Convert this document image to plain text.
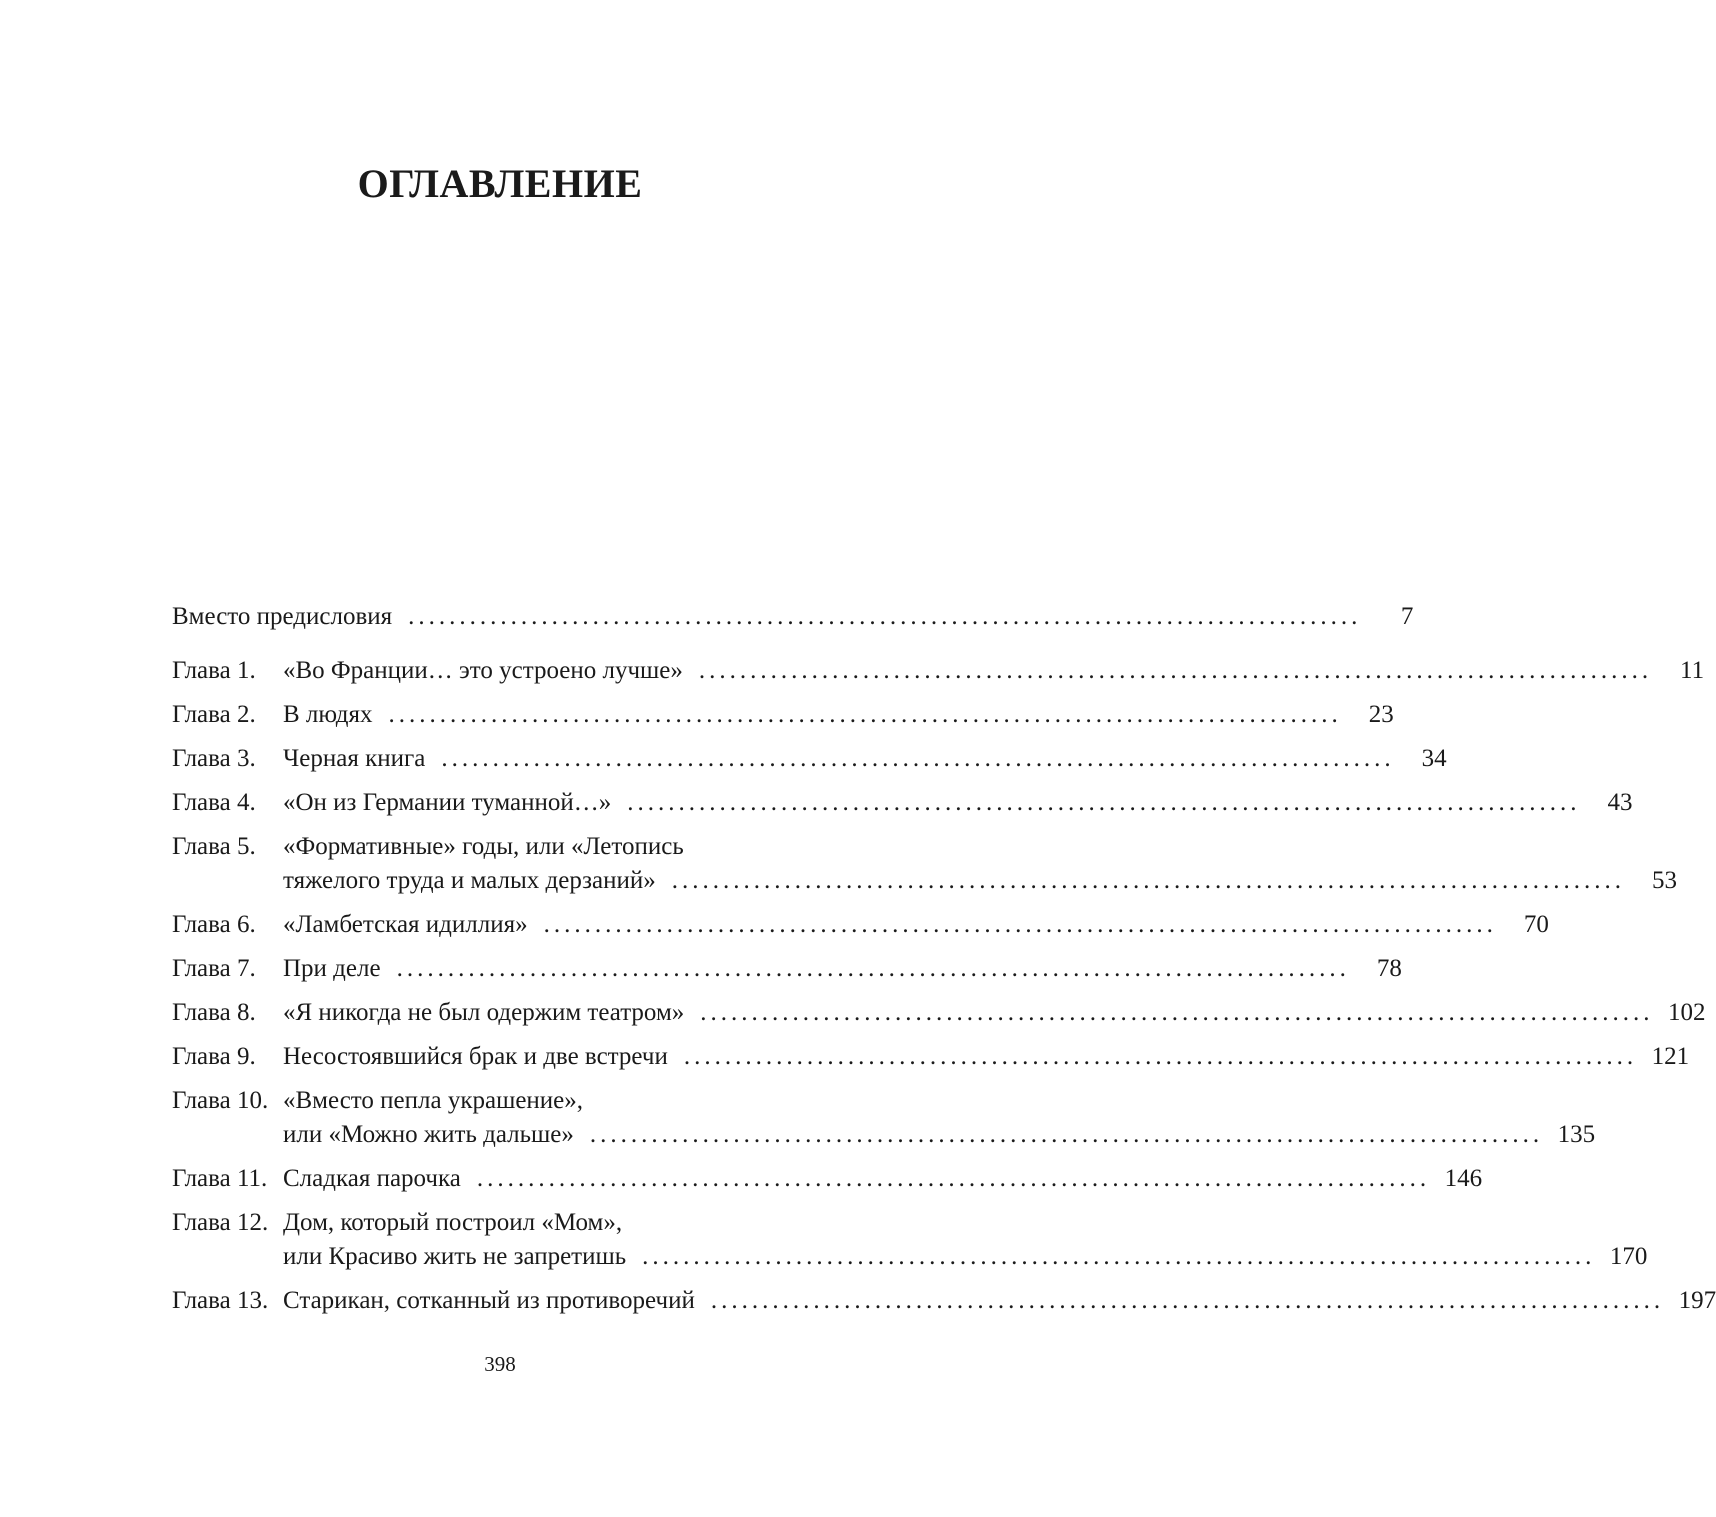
ОГЛАВЛЕНИЕ
Вместо предисловия .............................................................................................	7
Глава 1.	«Во Франции… это устроено лучше» .............................................................................................	11
Глава 2.	В людях .............................................................................................	23
Глава 3.	Черная книга .............................................................................................	34
Глава 4.	«Он из Германии туманной…» .............................................................................................	43
Глава 5.	«Формативные» годы, или «Летопись
тяжелого труда и малых дерзаний» .............................................................................................	53
Глава 6.	«Ламбетская идиллия» .............................................................................................	70
Глава 7.	При деле .............................................................................................	78
Глава 8.	«Я никогда не был одержим театром» ............................................................................................. 102
Глава 9.	Несостоявшийся брак и две встречи ............................................................................................. 121
Глава 10. «Вместо пепла украшение»,
или «Можно жить дальше» ............................................................................................. 135
Глава 11. Сладкая парочка ............................................................................................. 146
Глава 12. Дом, который построил «Мом»,
или Красиво жить не запретишь ............................................................................................. 170
Глава 13. Старикан, сотканный из противоречий ............................................................................................. 197
398
